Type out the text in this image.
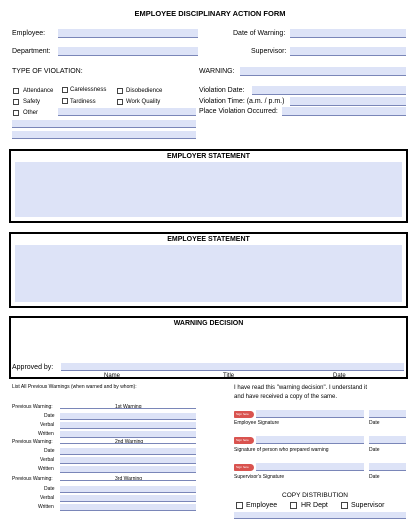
EMPLOYEE DISCIPLINARY ACTION FORM
Employee:	Date of Warning:
Department:	Supervisor:
TYPE OF VIOLATION:
Attendance	Carelessness	Disobedience
Safety	Tardiness	Work Quality
Other
WARNING:
Violation Date:
Violation Time: (a.m. / p.m.)
Place Violation Occurred:
EMPLOYER STATEMENT
EMPLOYEE STATEMENT
WARNING DECISION
Approved by:
Name	Title	Date
List All Previous Warnings (when warned and by whom):
Previous Warning:	1st Warning
Date
Verbal
Written
Previous Warning:	2nd Warning
Date
Verbal
Written
Previous Warning:	3rd Warning
Date
Verbal
Written
I have read this "warning decision". I understand it
and have received a copy of the same.
Sign here
Employee Signature	Date
Sign here
Signature of person who prepared warning	Date
Sign here
Supervisor's Signature	Date
COPY DISTRIBUTION
Employee	HR Dept	Supervisor
